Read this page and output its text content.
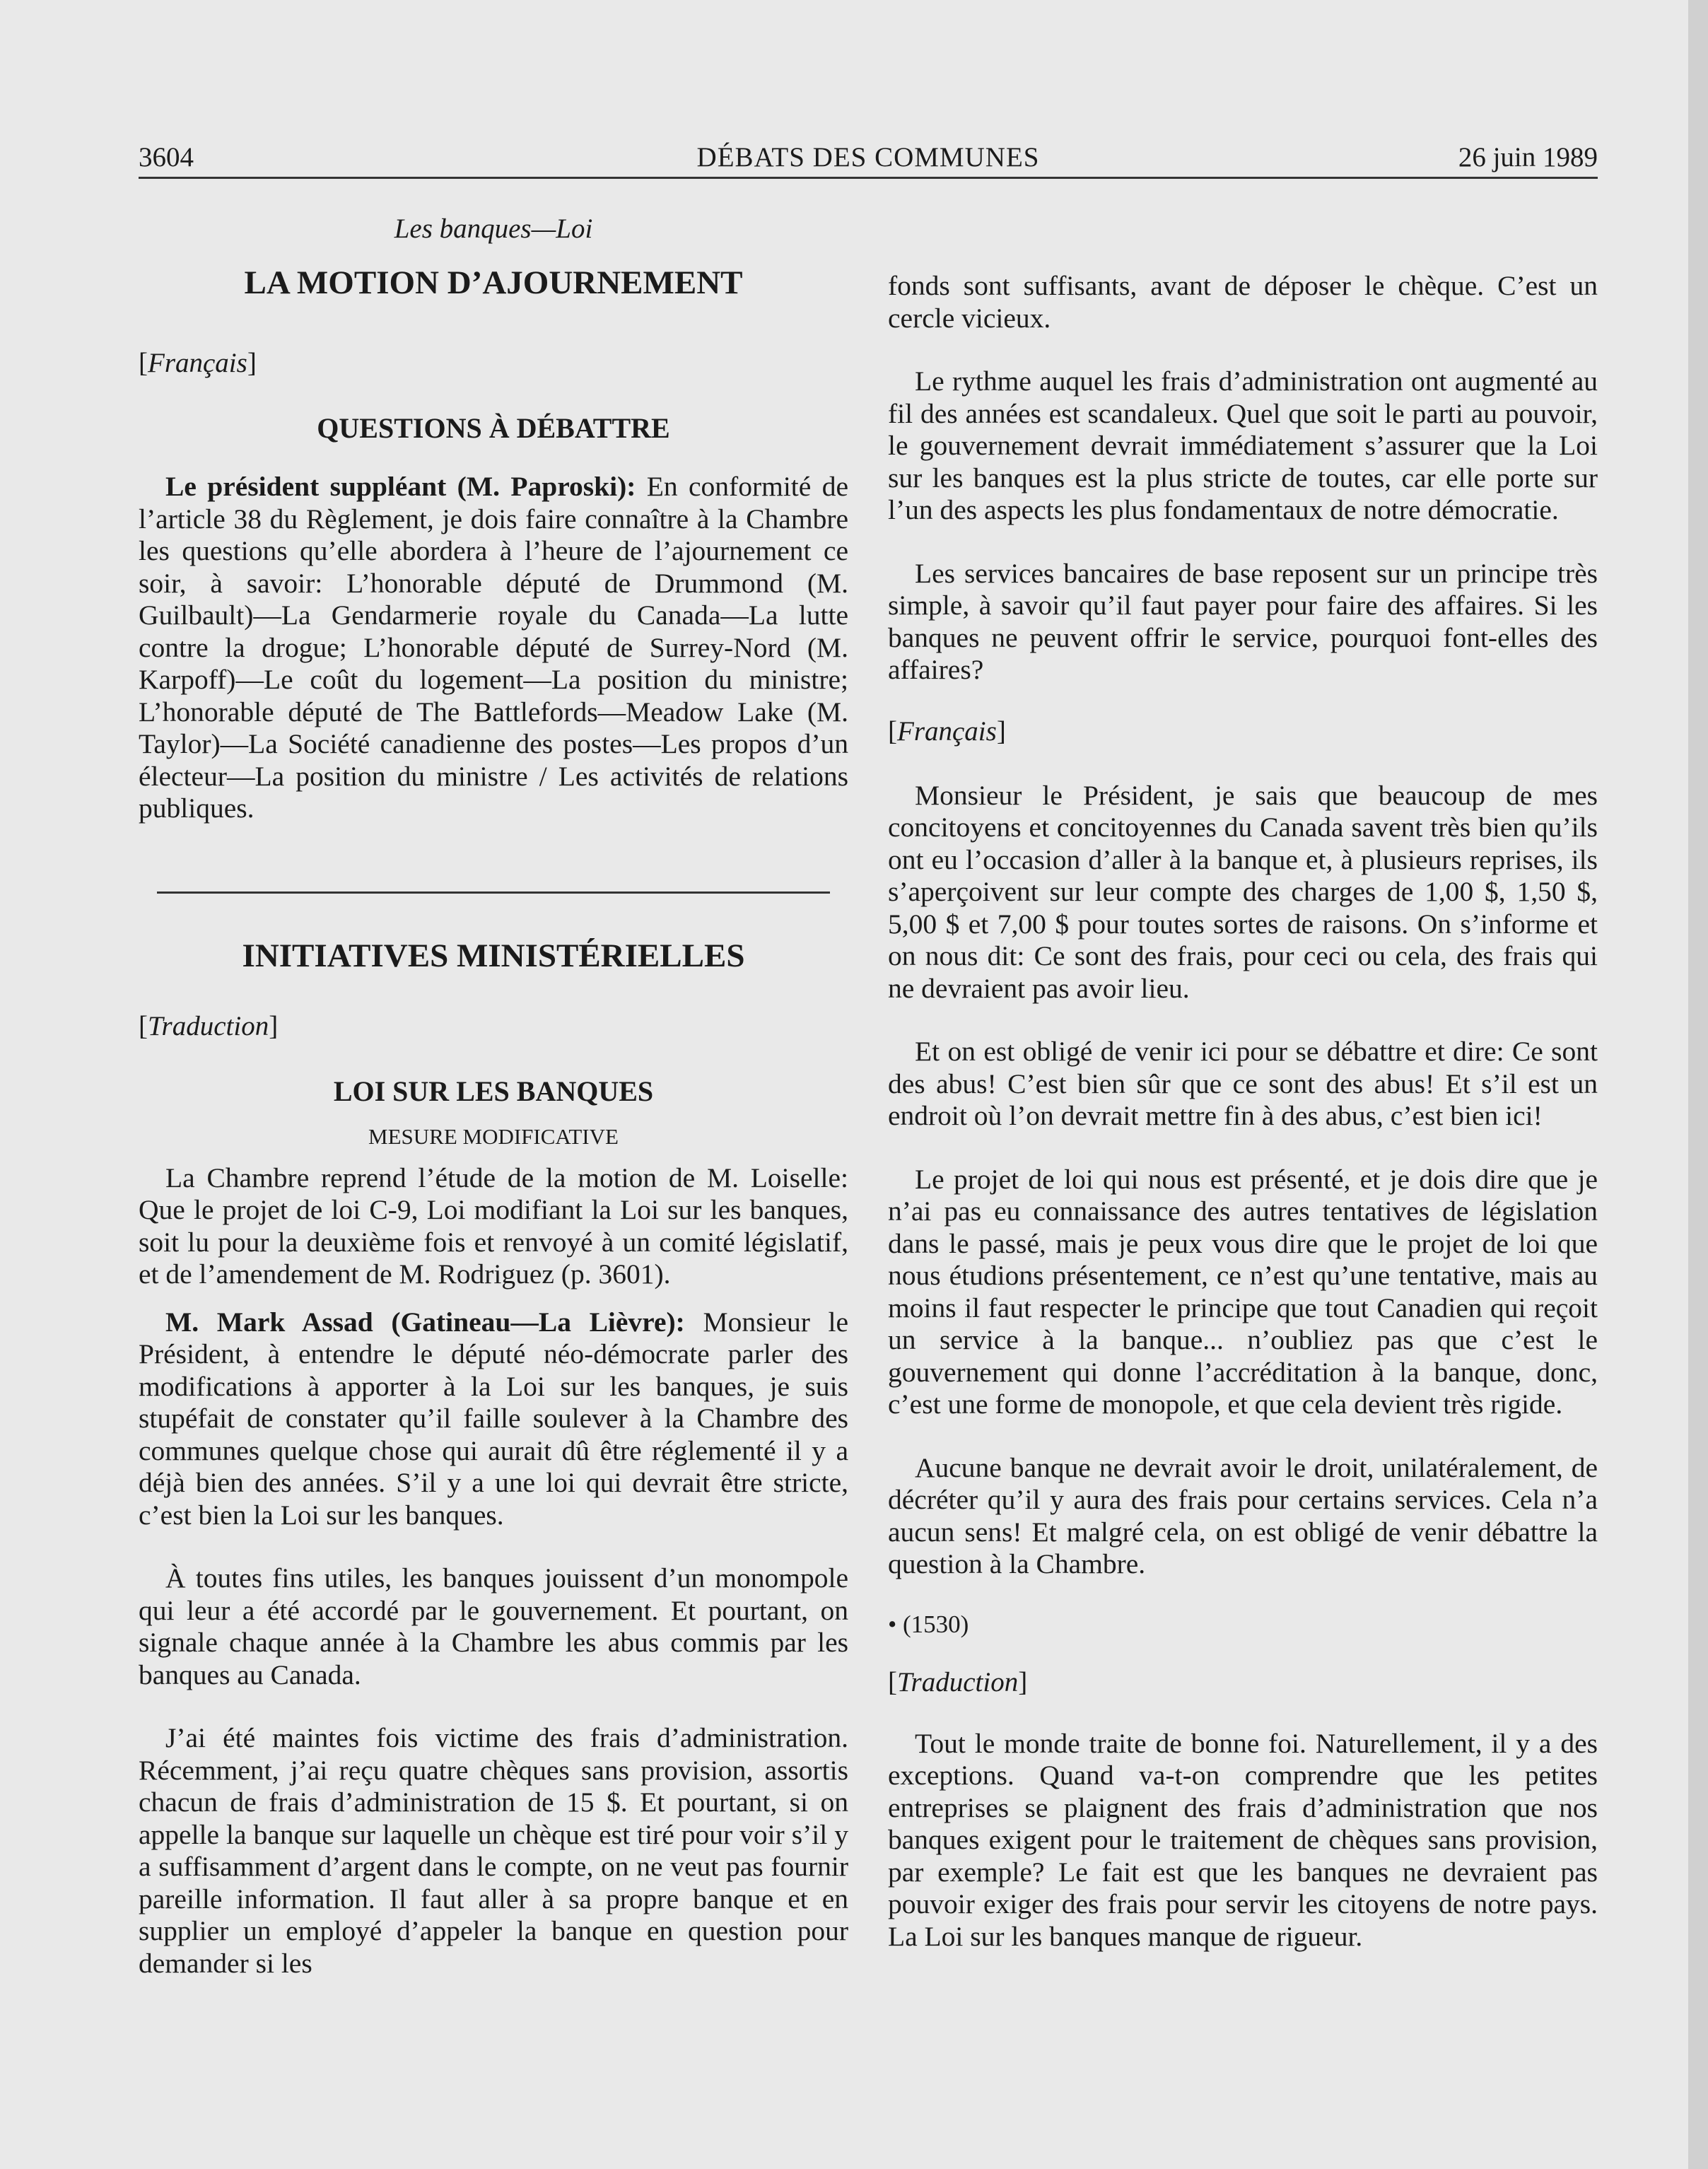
3604	DÉBATS DES COMMUNES	26 juin 1989
Les banques—Loi
LA MOTION D’AJOURNEMENT
[Français]
QUESTIONS À DÉBATTRE

Le président suppléant (M. Paproski): En conformité de l’article 38 du Règlement, je dois faire connaître à la Chambre les questions qu’elle abordera à l’heure de l’ajournement ce soir, à savoir: L’honorable député de Drummond (M. Guilbault)—La Gendarmerie royale du Canada—La lutte contre la drogue; L’honorable député de Surrey-Nord (M. Karpoff)—Le coût du logement—La position du ministre; L’honorable député de The Battlefords—Meadow Lake (M. Taylor)—La Société canadienne des postes—Les propos d’un électeur—La position du ministre / Les activités de relations publiques.

INITIATIVES MINISTÉRIELLES
[Traduction]
LOI SUR LES BANQUES
MESURE MODIFICATIVE

La Chambre reprend l’étude de la motion de M. Loiselle: Que le projet de loi C-9, Loi modifiant la Loi sur les banques, soit lu pour la deuxième fois et renvoyé à un comité législatif, et de l’amendement de M. Rodriguez (p. 3601).

M. Mark Assad (Gatineau—La Lièvre): Monsieur le Président, à entendre le député néo-démocrate parler des modifications à apporter à la Loi sur les banques, je suis stupéfait de constater qu’il faille soulever à la Chambre des communes quelque chose qui aurait dû être réglementé il y a déjà bien des années. S’il y a une loi qui devrait être stricte, c’est bien la Loi sur les banques.

À toutes fins utiles, les banques jouissent d’un monompole qui leur a été accordé par le gouvernement. Et pourtant, on signale chaque année à la Chambre les abus commis par les banques au Canada.

J’ai été maintes fois victime des frais d’administration. Récemment, j’ai reçu quatre chèques sans provision, assortis chacun de frais d’administration de 15 $. Et pourtant, si on appelle la banque sur laquelle un chèque est tiré pour voir s’il y a suffisamment d’argent dans le compte, on ne veut pas fournir pareille information. Il faut aller à sa propre banque et en supplier un employé d’appeler la banque en question pour demander si les

fonds sont suffisants, avant de déposer le chèque. C’est un cercle vicieux.

Le rythme auquel les frais d’administration ont augmenté au fil des années est scandaleux. Quel que soit le parti au pouvoir, le gouvernement devrait immédiatement s’assurer que la Loi sur les banques est la plus stricte de toutes, car elle porte sur l’un des aspects les plus fondamentaux de notre démocratie.

Les services bancaires de base reposent sur un principe très simple, à savoir qu’il faut payer pour faire des affaires. Si les banques ne peuvent offrir le service, pourquoi font-elles des affaires?

[Français]

Monsieur le Président, je sais que beaucoup de mes concitoyens et concitoyennes du Canada savent très bien qu’ils ont eu l’occasion d’aller à la banque et, à plusieurs reprises, ils s’aperçoivent sur leur compte des charges de 1,00 $, 1,50 $, 5,00 $ et 7,00 $ pour toutes sortes de raisons. On s’informe et on nous dit: Ce sont des frais, pour ceci ou cela, des frais qui ne devraient pas avoir lieu.

Et on est obligé de venir ici pour se débattre et dire: Ce sont des abus! C’est bien sûr que ce sont des abus! Et s’il est un endroit où l’on devrait mettre fin à des abus, c’est bien ici!

Le projet de loi qui nous est présenté, et je dois dire que je n’ai pas eu connaissance des autres tentatives de législation dans le passé, mais je peux vous dire que le projet de loi que nous étudions présentement, ce n’est qu’une tentative, mais au moins il faut respecter le principe que tout Canadien qui reçoit un service à la banque... n’oubliez pas que c’est le gouvernement qui donne l’accréditation à la banque, donc, c’est une forme de monopole, et que cela devient très rigide.

Aucune banque ne devrait avoir le droit, unilatéralement, de décréter qu’il y aura des frais pour certains services. Cela n’a aucun sens! Et malgré cela, on est obligé de venir débattre la question à la Chambre.

• (1530)
[Traduction]

Tout le monde traite de bonne foi. Naturellement, il y a des exceptions. Quand va-t-on comprendre que les petites entreprises se plaignent des frais d’administration que nos banques exigent pour le traitement de chèques sans provision, par exemple? Le fait est que les banques ne devraient pas pouvoir exiger des frais pour servir les citoyens de notre pays. La Loi sur les banques manque de rigueur.
